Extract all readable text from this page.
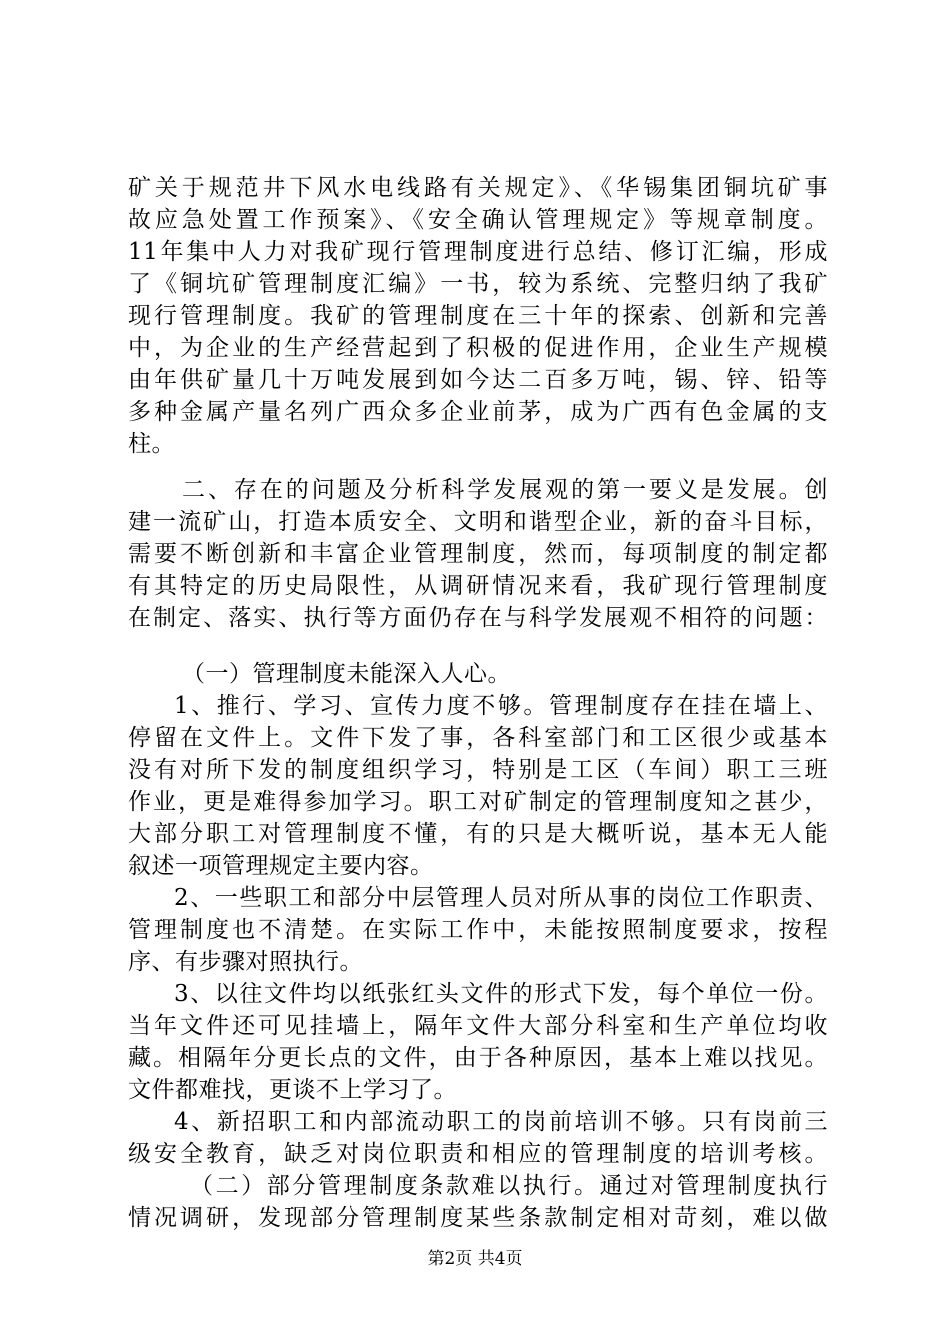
矿关于规范井下风水电线路有关规定》、《华锡集团铜坑矿事
故应急处置工作预案》、《安全确认管理规定》等规章制度。
11年集中人力对我矿现行管理制度进行总结、修订汇编，形成
了《铜坑矿管理制度汇编》一书，较为系统、完整归纳了我矿
现行管理制度。我矿的管理制度在三十年的探索、创新和完善
中，为企业的生产经营起到了积极的促进作用，企业生产规模
由年供矿量几十万吨发展到如今达二百多万吨，锡、锌、铅等
多种金属产量名列广西众多企业前茅，成为广西有色金属的支
柱。
二、存在的问题及分析科学发展观的第一要义是发展。创
建一流矿山，打造本质安全、文明和谐型企业，新的奋斗目标，
需要不断创新和丰富企业管理制度，然而，每项制度的制定都
有其特定的历史局限性，从调研情况来看，我矿现行管理制度
在制定、落实、执行等方面仍存在与科学发展观不相符的问题：
（一）管理制度未能深入人心。
1、推行、学习、宣传力度不够。管理制度存在挂在墙上、
停留在文件上。文件下发了事，各科室部门和工区很少或基本
没有对所下发的制度组织学习，特别是工区（车间）职工三班
作业，更是难得参加学习。职工对矿制定的管理制度知之甚少，
大部分职工对管理制度不懂，有的只是大概听说，基本无人能
叙述一项管理规定主要内容。
2、一些职工和部分中层管理人员对所从事的岗位工作职责、
管理制度也不清楚。在实际工作中，未能按照制度要求，按程
序、有步骤对照执行。
3、以往文件均以纸张红头文件的形式下发，每个单位一份。
当年文件还可见挂墙上，隔年文件大部分科室和生产单位均收
藏。相隔年分更长点的文件，由于各种原因，基本上难以找见。
文件都难找，更谈不上学习了。
4、新招职工和内部流动职工的岗前培训不够。只有岗前三
级安全教育，缺乏对岗位职责和相应的管理制度的培训考核。
（二）部分管理制度条款难以执行。通过对管理制度执行
情况调研，发现部分管理制度某些条款制定相对苛刻，难以做
第2页 共4页
